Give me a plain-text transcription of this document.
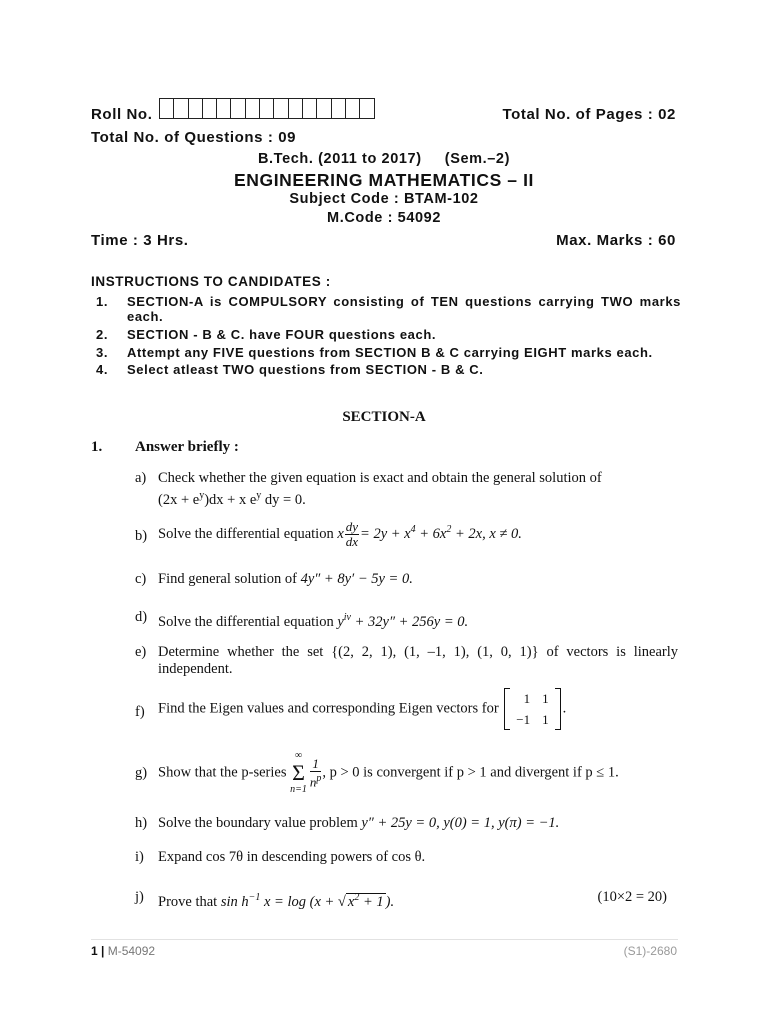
Roll No.	Total No. of Pages : 02
Total No. of Questions : 09
B.Tech. (2011 to 2017)     (Sem.–2)
ENGINEERING MATHEMATICS – II
Subject Code : BTAM-102
M.Code : 54092
Time : 3 Hrs.	Max. Marks : 60
INSTRUCTIONS TO CANDIDATES :
1. SECTION-A is COMPULSORY consisting of TEN questions carrying TWO marks each.
2. SECTION - B & C. have FOUR questions each.
3. Attempt any FIVE questions from SECTION B & C carrying EIGHT marks each.
4. Select atleast TWO questions from SECTION - B & C.
SECTION-A
1. Answer briefly :
a) Check whether the given equation is exact and obtain the general solution of
$(2x + e^y)dx + x$ $e^y$ dy = 0.
b) Solve the differential equation x $\frac{dy}{dx} = 2y + x^4 + 6x^2 + 2x$, x ≠ 0.
c) Find general solution of 4y″ + 8y′ − 5y = 0.
d) Solve the differential equation $y^{iv} + 32y'' + 256y = 0$.
e) Determine whether the set {(2, 2, 1), (1, –1, 1), (1, 0, 1)} of vectors is linearly independent.
f) Find the Eigen values and corresponding Eigen vectors for
1	1
−1	1
.
g) Show that the p-series ∞
Σ
n=1
$\frac{1}{n^p}$ , p > 0 is convergent if p > 1 and divergent if p ≤ 1.
h) Solve the boundary value problem y″ + 25y = 0, y(0) = 1, y(π) = −1.
i) Expand cos 7θ in descending powers of cos θ.
j) Prove that $\sin h^{-1}$ x = log (x + √ $x^2 + 1$ ).	(10×2 = 20)
1 | M-54092	(S1)-2680
